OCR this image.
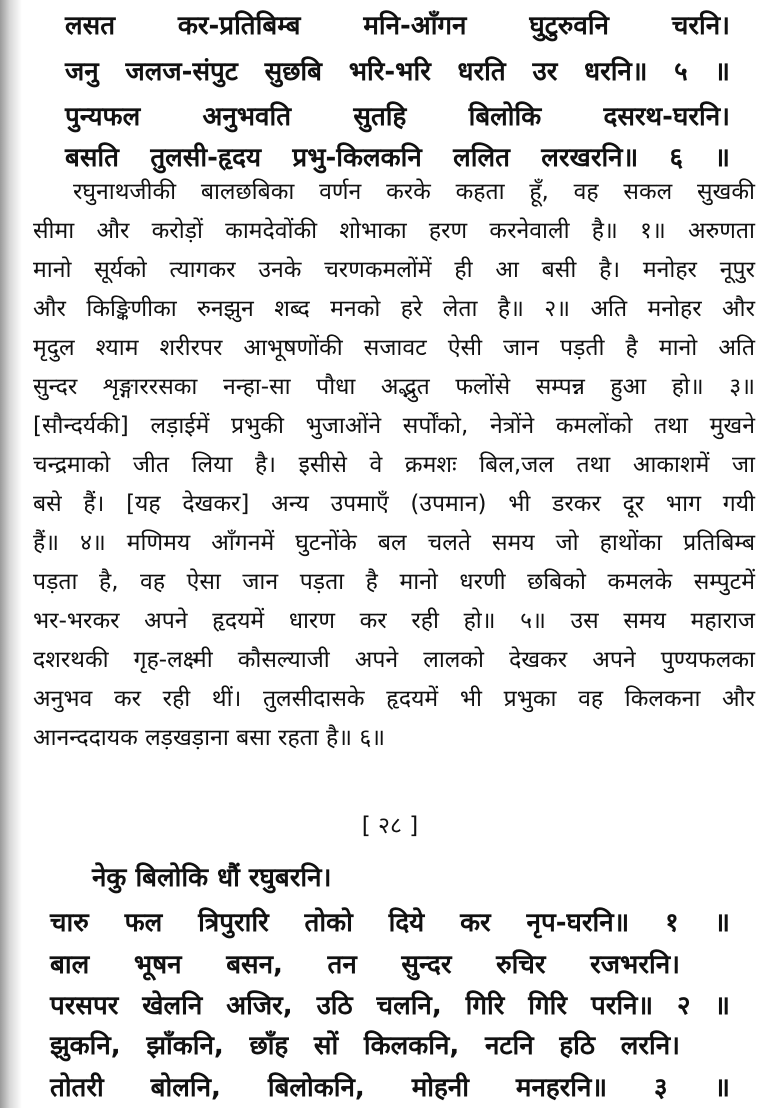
लसत कर-प्रतिबिम्ब मनि-आँगन घुटुरुवनि चरनि।
जनु जलज-संपुट सुछबि भरि-भरि धरति उर धरनि॥ ५ ॥
पुन्यफल अनुभवति सुतहि बिलोकि दसरथ-घरनि।
बसति तुलसी-हृदय प्रभु-किलकनि ललित लरखरनि॥ ६ ॥
रघुनाथजीकी बालछबिका वर्णन करके कहता हूँ, वह सकल सुखकी
सीमा और करोड़ों कामदेवोंकी शोभाका हरण करनेवाली है॥ १॥ अरुणता
मानो सूर्यको त्यागकर उनके चरणकमलोंमें ही आ बसी है। मनोहर नूपुर
और किङ्किणीका रुनझुन शब्द मनको हरे लेता है॥ २॥ अति मनोहर और
मृदुल श्याम शरीरपर आभूषणोंकी सजावट ऐसी जान पड़ती है मानो अति
सुन्दर शृङ्गाररसका नन्हा-सा पौधा अद्भुत फलोंसे सम्पन्न हुआ हो॥ ३॥
[सौन्दर्यकी] लड़ाईमें प्रभुकी भुजाओंने सर्पोंको, नेत्रोंने कमलोंको तथा मुखने
चन्द्रमाको जीत लिया है। इसीसे वे क्रमशः बिल,जल तथा आकाशमें जा
बसे हैं। [यह देखकर] अन्य उपमाएँ (उपमान) भी डरकर दूर भाग गयी
हैं॥ ४॥ मणिमय आँगनमें घुटनोंके बल चलते समय जो हाथोंका प्रतिबिम्ब
पड़ता है, वह ऐसा जान पड़ता है मानो धरणी छबिको कमलके सम्पुटमें
भर-भरकर अपने हृदयमें धारण कर रही हो॥ ५॥ उस समय महाराज
दशरथकी गृह-लक्ष्मी कौसल्याजी अपने लालको देखकर अपने पुण्यफलका
अनुभव कर रही थीं। तुलसीदासके हृदयमें भी प्रभुका वह किलकना और
आनन्ददायक लड़खड़ाना बसा रहता है॥ ६॥
[ २८ ]
नेकु बिलोकि धौं रघुबरनि।
चारु फल त्रिपुरारि तोको दिये कर नृप-घरनि॥ १ ॥
बाल भूषन बसन, तन सुन्दर रुचिर रजभरनि।
परसपर खेलनि अजिर, उठि चलनि, गिरि गिरि परनि॥ २ ॥
झुकनि, झाँकनि, छाँह सों किलकनि, नटनि हठि लरनि।
तोतरी बोलनि, बिलोकनि, मोहनी मनहरनि॥ ३ ॥
